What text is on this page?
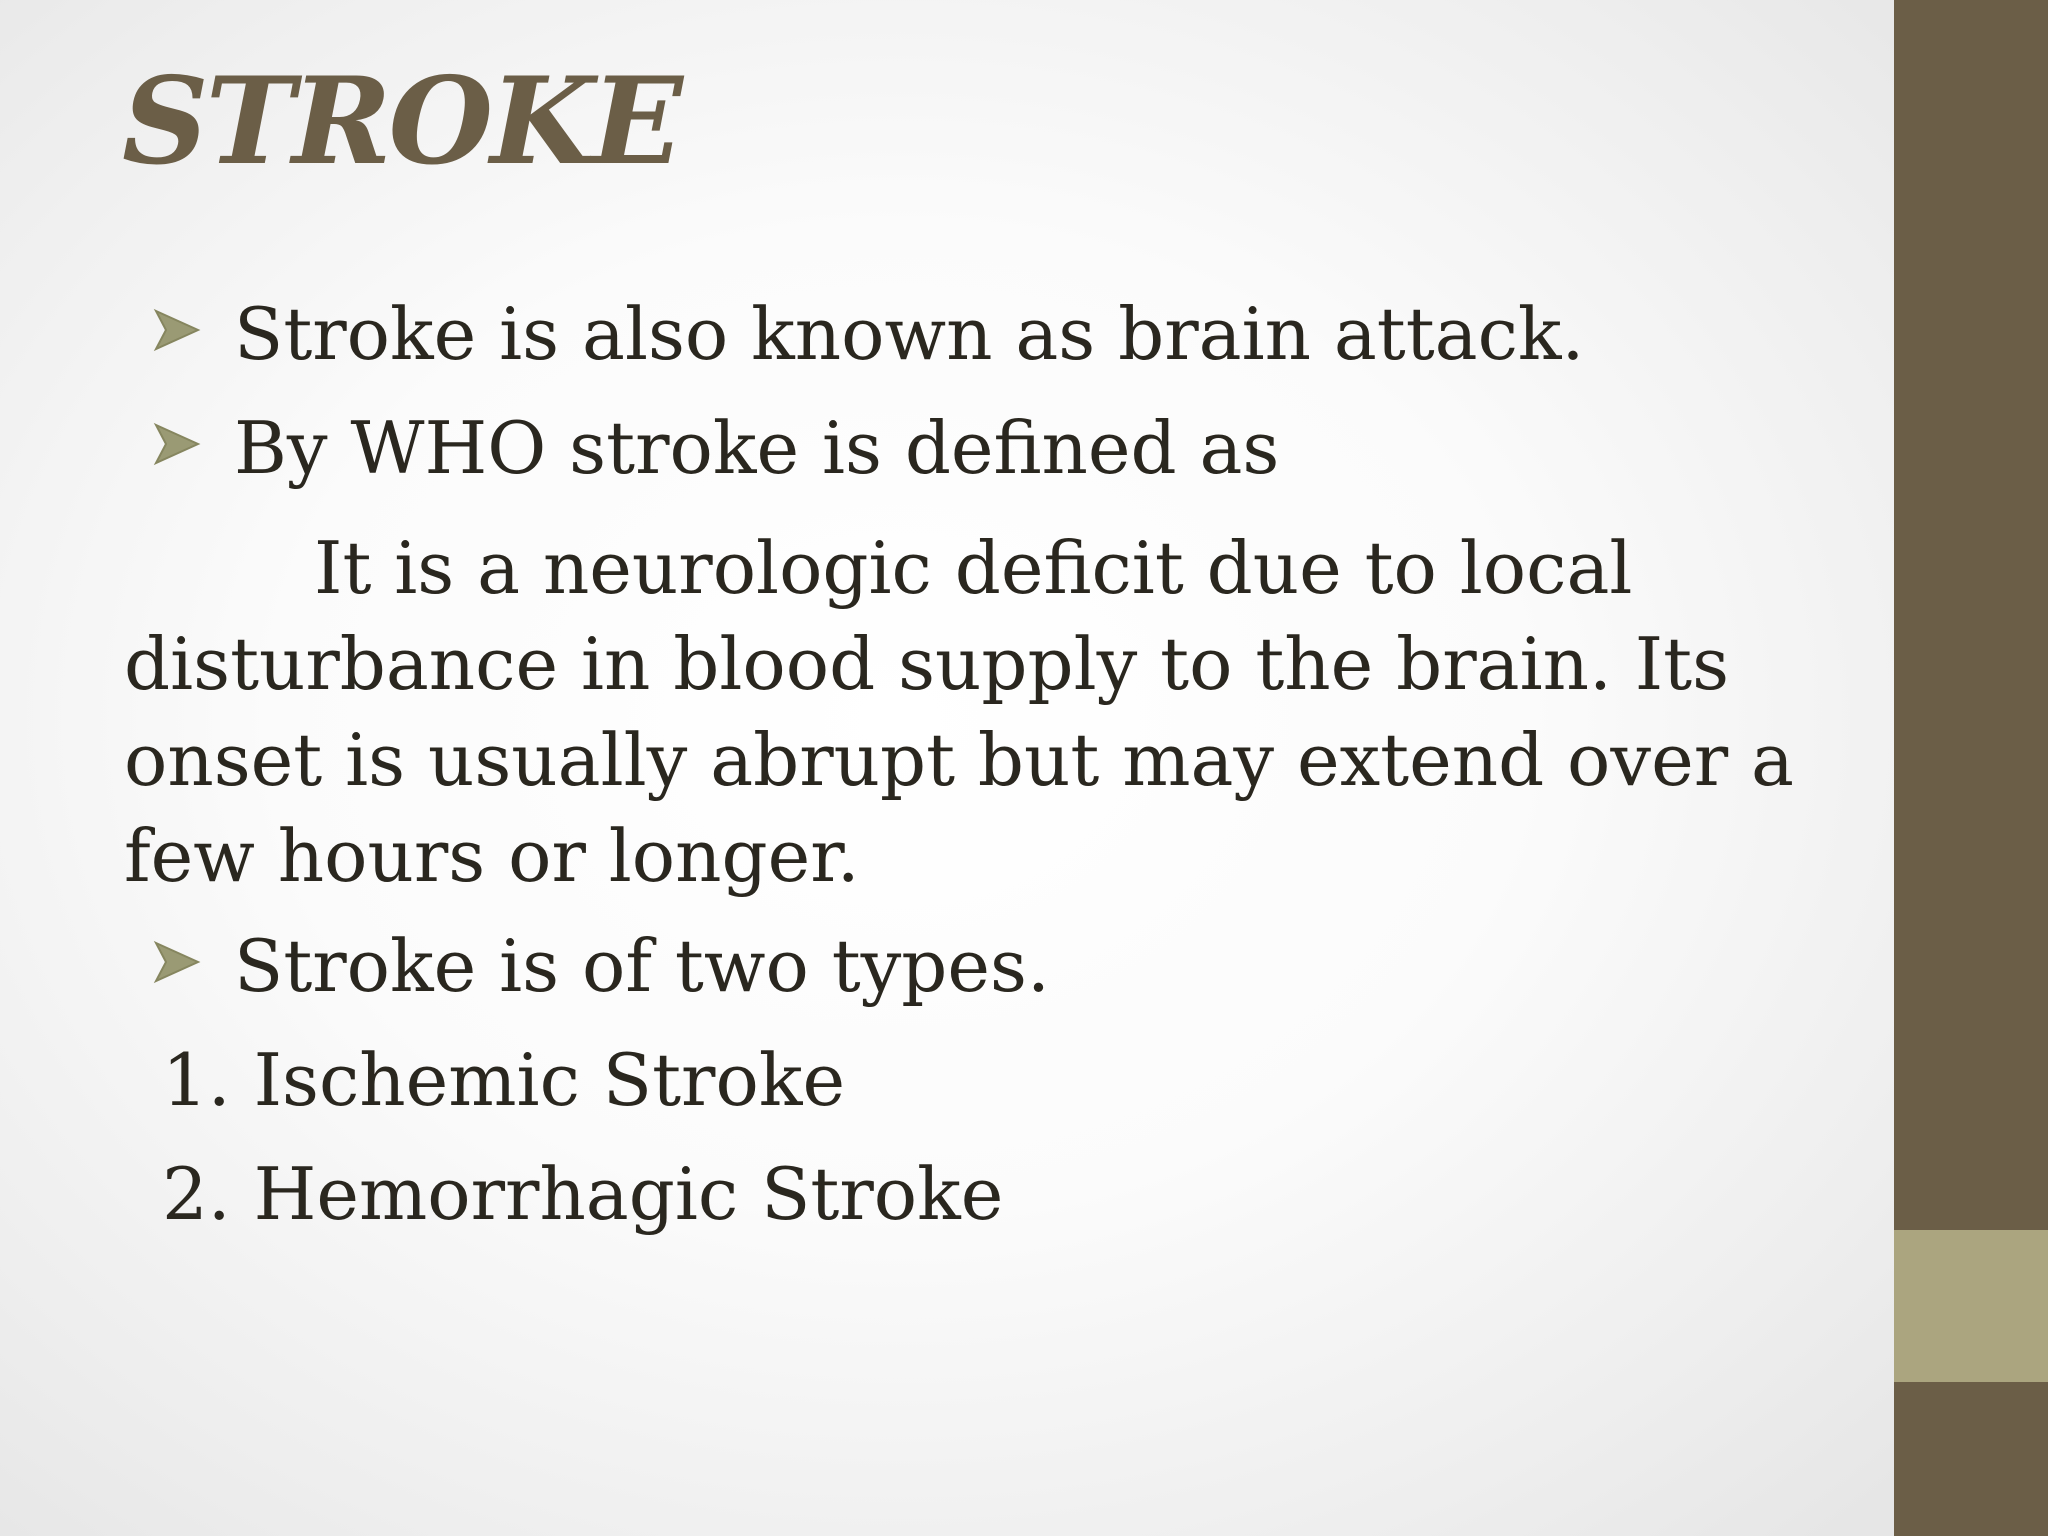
STROKE
Stroke is also known as brain attack.
By WHO stroke is defined as

It is a neurologic deficit due to local disturbance in blood supply to the brain. Its onset is usually abrupt but may extend over a few hours or longer.

Stroke is of two types.
1. Ischemic Stroke
2. Hemorrhagic Stroke
